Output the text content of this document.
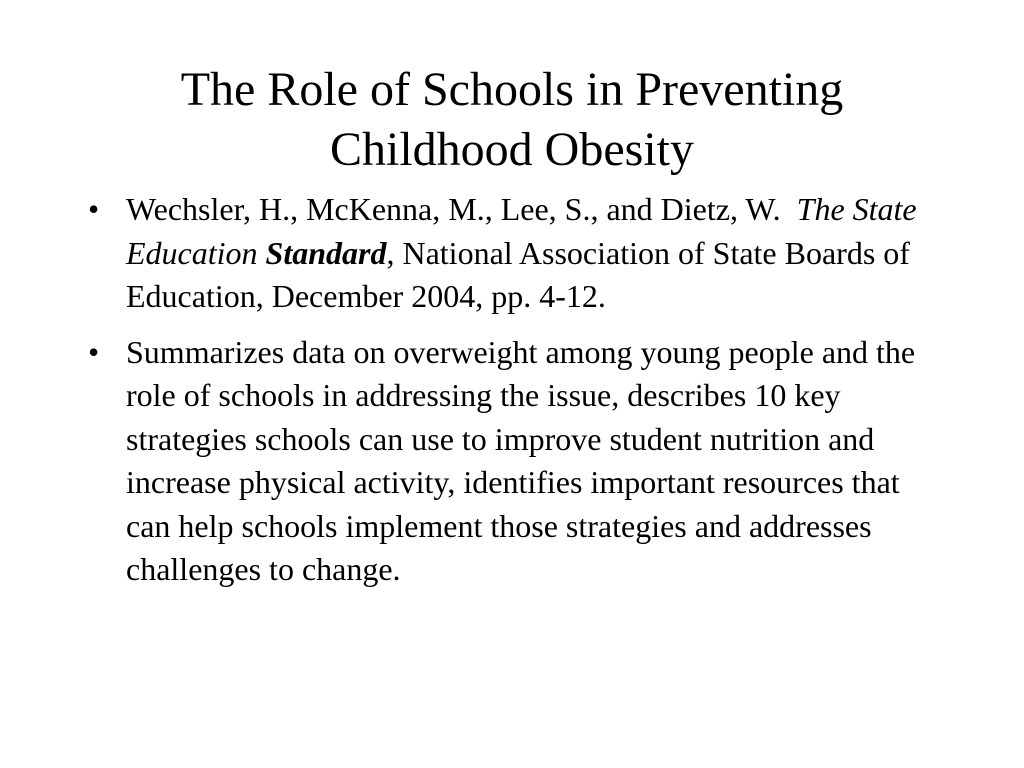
The Role of Schools in Preventing
Childhood Obesity
• Wechsler, H., McKenna, M., Lee, S., and Dietz, W. The State Education Standard, National Association of State Boards of Education, December 2004, pp. 4-12.
• Summarizes data on overweight among young people and the role of schools in addressing the issue, describes 10 key strategies schools can use to improve student nutrition and increase physical activity, identifies important resources that can help schools implement those strategies and addresses challenges to change.
